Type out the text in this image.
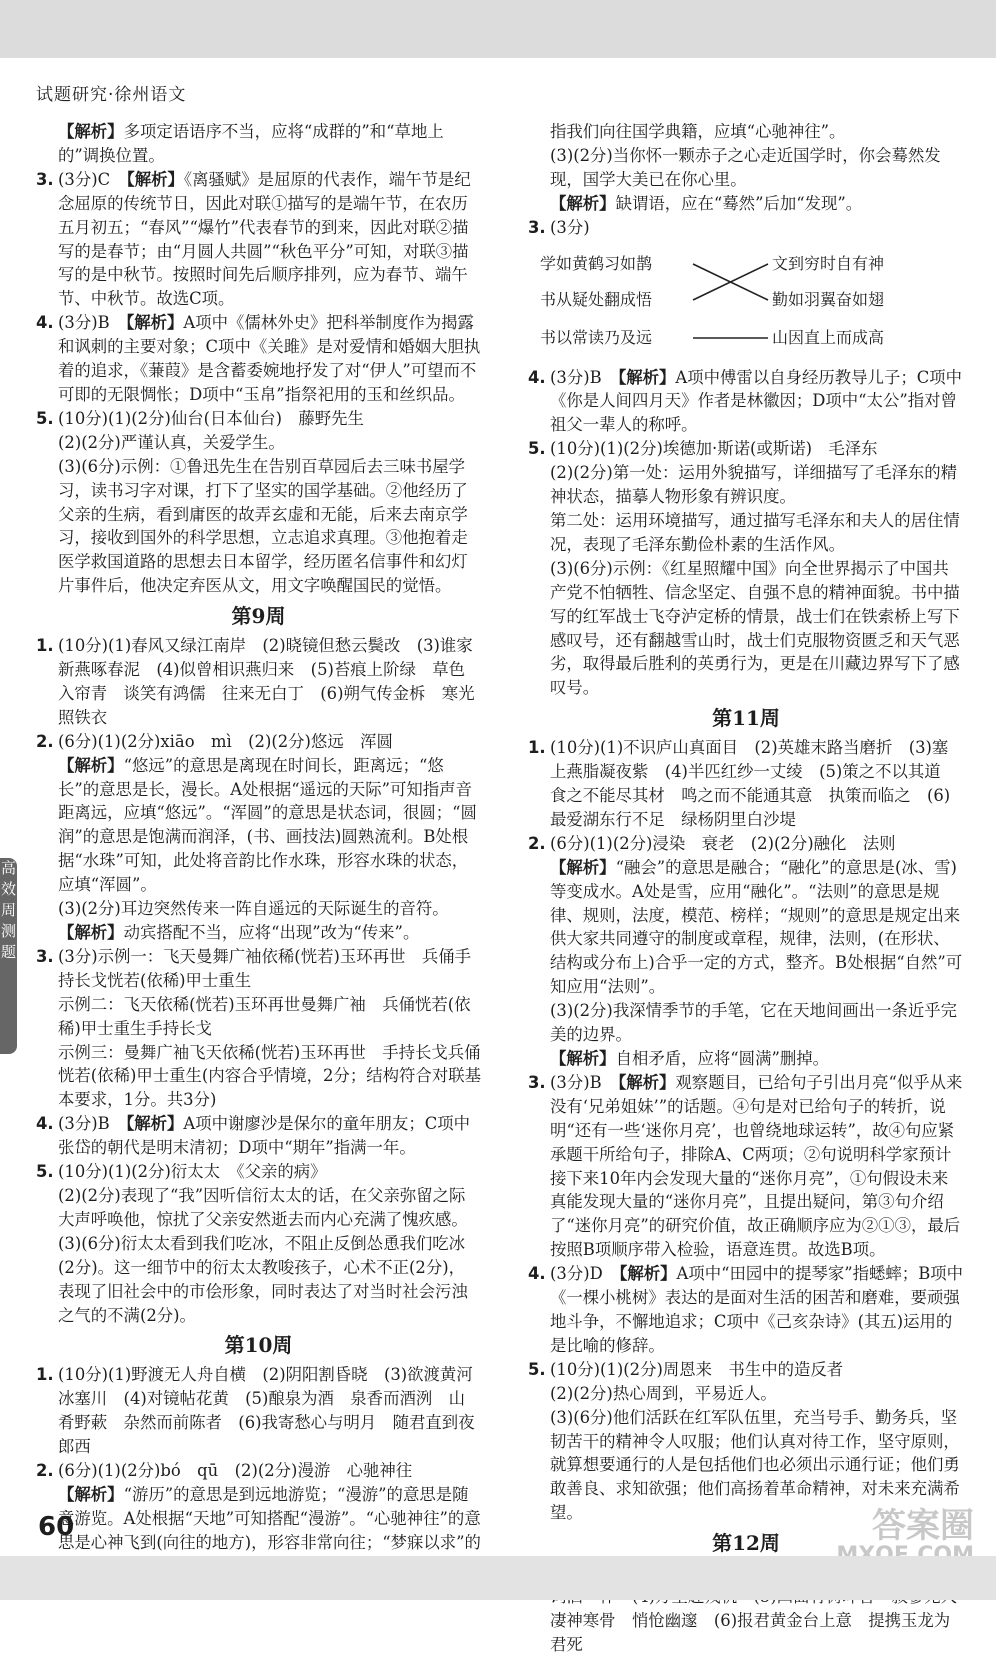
试题研究·徐州语文
【解析】多项定语语序不当，应将“成群的”和“草地上的”调换位置。
3. (3分)C　【解析】《离骚赋》是屈原的代表作，端午节是纪念屈原的传统节日，因此对联①描写的是端午节，在农历五月初五；“春风”“爆竹”代表春节的到来，因此对联②描写的是春节；由“月圆人共圆”“秋色平分”可知，对联③描写的是中秋节。按照时间先后顺序排列，应为春节、端午节、中秋节。故选C项。
4. (3分)B　【解析】A项中《儒林外史》把科举制度作为揭露和讽刺的主要对象；C项中《关雎》是对爱情和婚姻大胆执着的追求，《蒹葭》是含蓄委婉地抒发了对“伊人”可望而不可即的无限惆怅；D项中“玉帛”指祭祀用的玉和丝织品。
5. (10分)(1)(2分)仙台(日本仙台)　藤野先生
(2)(2分)严谨认真，关爱学生。
(3)(6分)示例：①鲁迅先生在告别百草园后去三味书屋学习，读书习字对课，打下了坚实的国学基础。②他经历了父亲的生病，看到庸医的故弄玄虚和无能，后来去南京学习，接收到国外的科学思想，立志追求真理。③他抱着走医学救国道路的思想去日本留学，经历匿名信事件和幻灯片事件后，他决定弃医从文，用文字唤醒国民的觉悟。
第9周
1. (10分)(1)春风又绿江南岸　(2)晓镜但愁云鬓改　(3)谁家新燕啄春泥　(4)似曾相识燕归来　(5)苔痕上阶绿　草色入帘青　谈笑有鸿儒　往来无白丁　(6)朔气传金柝　寒光照铁衣
2. (6分)(1)(2分)xiāo　mì　(2)(2分)悠远　浑圆
【解析】“悠远”的意思是离现在时间长，距离远；“悠长”的意思是长，漫长。A处根据“遥远的天际”可知指声音距离远，应填“悠远”。“浑圆”的意思是状态词，很圆；“圆润”的意思是饱满而润泽，(书、画技法)圆熟流利。B处根据“水珠”可知，此处将音韵比作水珠，形容水珠的状态，应填“浑圆”。
(3)(2分)耳边突然传来一阵自遥远的天际诞生的音符。
【解析】动宾搭配不当，应将“出现”改为“传来”。
3. (3分)示例一：飞天曼舞广袖依稀(恍若)玉环再世　兵俑手持长戈恍若(依稀)甲士重生
示例二：飞天依稀(恍若)玉环再世曼舞广袖　兵俑恍若(依稀)甲士重生手持长戈
示例三：曼舞广袖飞天依稀(恍若)玉环再世　手持长戈兵俑恍若(依稀)甲士重生(内容合乎情境，2分；结构符合对联基本要求，1分。共3分)
4. (3分)B　【解析】A项中谢廖沙是保尔的童年朋友；C项中张岱的朝代是明末清初；D项中“期年”指满一年。
5. (10分)(1)(2分)衍太太　《父亲的病》
(2)(2分)表现了“我”因听信衍太太的话，在父亲弥留之际大声呼唤他，惊扰了父亲安然逝去而内心充满了愧疚感。
(3)(6分)衍太太看到我们吃冰，不阻止反倒怂恿我们吃冰(2分)。这一细节中的衍太太教唆孩子，心术不正(2分)，表现了旧社会中的市侩形象，同时表达了对当时社会污浊之气的不满(2分)。
第10周
1. (10分)(1)野渡无人舟自横　(2)阴阳割昏晓　(3)欲渡黄河冰塞川　(4)对镜帖花黄　(5)酿泉为酒　泉香而酒洌　山肴野蔌　杂然而前陈者　(6)我寄愁心与明月　随君直到夜郎西
2. (6分)(1)(2分)bó　qū　(2)(2分)漫游　心驰神往
【解析】“游历”的意思是到远地游览；“漫游”的意思是随意游览。A处根据“天地”可知搭配“漫游”。“心驰神往”的意思是心神飞到(向往的地方)，形容非常向往；“梦寐以求”的
指我们向往国学典籍，应填“心驰神往”。
(3)(2分)当你怀一颗赤子之心走近国学时，你会蓦然发现，国学大美已在你心里。
【解析】缺谓语，应在“蓦然”后加“发现”。
3. (3分)
学如黄鹤习如鹊
书从疑处翻成悟
书以常读乃及远
文到穷时自有神
勤如羽翼奋如翅
山因直上而成高
4. (3分)B　【解析】A项中傅雷以自身经历教导儿子；C项中《你是人间四月天》作者是林徽因；D项中“太公”指对曾祖父一辈人的称呼。
5. (10分)(1)(2分)埃德加·斯诺(或斯诺)　毛泽东
(2)(2分)第一处：运用外貌描写，详细描写了毛泽东的精神状态，描摹人物形象有辨识度。
第二处：运用环境描写，通过描写毛泽东和夫人的居住情况，表现了毛泽东勤俭朴素的生活作风。
(3)(6分)示例：《红星照耀中国》向全世界揭示了中国共产党不怕牺牲、信念坚定、自强不息的精神面貌。书中描写的红军战士飞夺泸定桥的情景，战士们在铁索桥上写下感叹号，还有翻越雪山时，战士们克服物资匮乏和天气恶劣，取得最后胜利的英勇行为，更是在川藏边界写下了感叹号。
第11周
1. (10分)(1)不识庐山真面目　(2)英雄末路当磨折　(3)塞上燕脂凝夜紫　(4)半匹红纱一丈绫　(5)策之不以其道　食之不能尽其材　鸣之而不能通其意　执策而临之　(6)最爱湖东行不足　绿杨阴里白沙堤
2. (6分)(1)(2分)浸染　衰老　(2)(2分)融化　法则
【解析】“融会”的意思是融合；“融化”的意思是(冰、雪)等变成水。A处是雪，应用“融化”。“法则”的意思是规律、规则，法度，模范、榜样；“规则”的意思是规定出来供大家共同遵守的制度或章程，规律，法则，(在形状、结构或分布上)合乎一定的方式，整齐。B处根据“自然”可知应用“法则”。
(3)(2分)我深情季节的手笔，它在天地间画出一条近乎完美的边界。
【解析】自相矛盾，应将“圆满”删掉。
3. (3分)B　【解析】观察题目，已给句子引出月亮“似乎从来没有‘兄弟姐妹’”的话题。④句是对已给句子的转折，说明“还有一些‘迷你月亮’，也曾绕地球运转”，故④句应紧承题干所给句子，排除A、C两项；②句说明科学家预计接下来10年内会发现大量的“迷你月亮”，①句假设未来真能发现大量的“迷你月亮”，且提出疑问，第③句介绍了“迷你月亮”的研究价值，故正确顺序应为②①③，最后按照B项顺序带入检验，语意连贯。故选B项。
4. (3分)D　【解析】A项中“田园中的提琴家”指蟋蟀；B项中《一棵小桃树》表达的是面对生活的困苦和磨难，要顽强地斗争，不懈地追求；C项中《己亥杂诗》(其五)运用的是比喻的修辞。
5. (10分)(1)(2分)周恩来　书生中的造反者
(2)(2分)热心周到，平易近人。
(3)(6分)他们活跃在红军队伍里，充当号手、勤务兵，坚韧苦干的精神令人叹服；他们认真对待工作，坚守原则，就算想要通行的人是包括他们也必须出示通行证；他们勇敢善良、求知欲强；他们高扬着革命精神，对未来充满希望。
第12周
　　　　　　凄神寒骨　悄怆幽邃　(6)报君黄金台上意　提携玉龙为君死
高
效
周
测
题
60	答案圈
